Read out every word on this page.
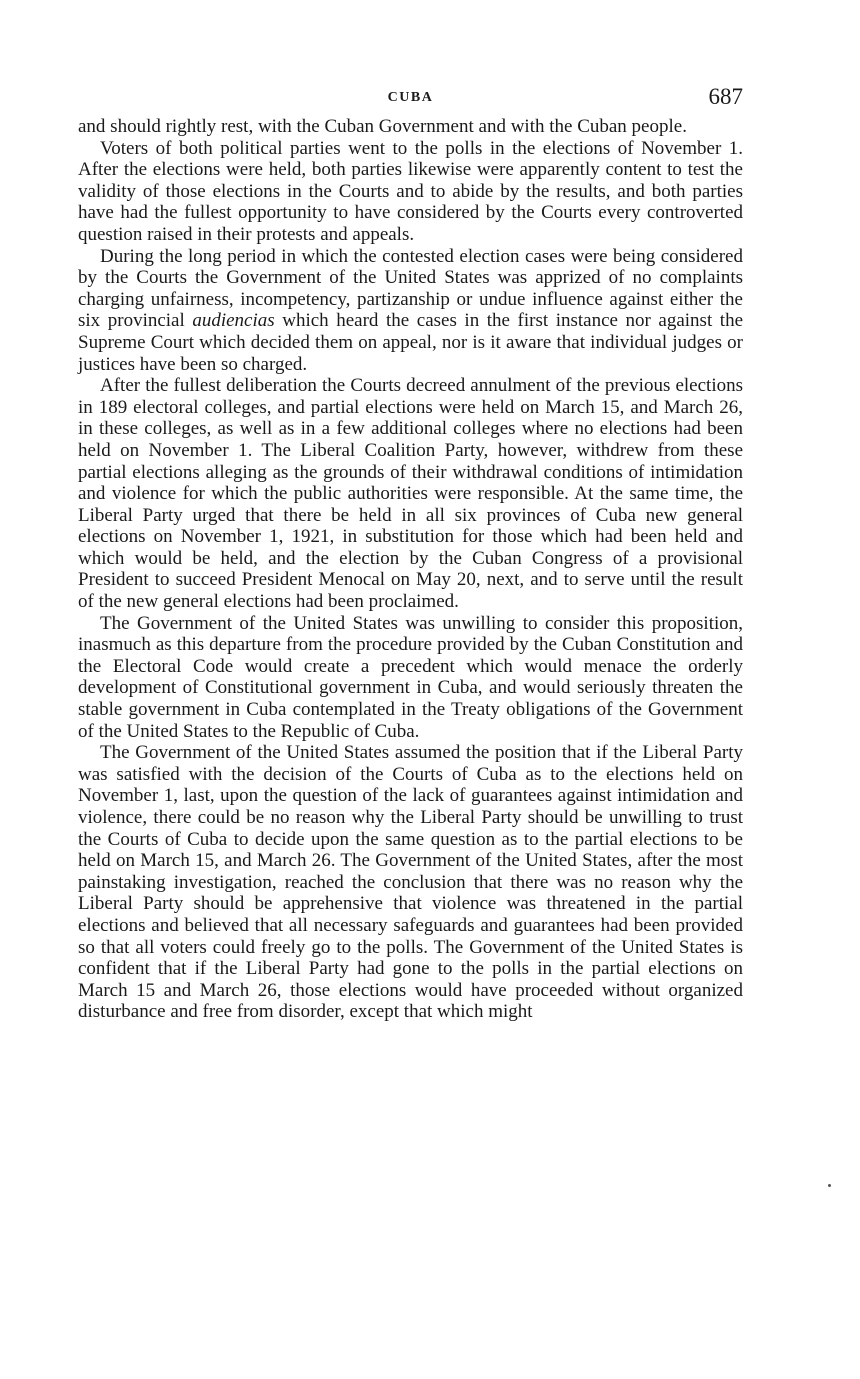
CUBA	687

and should rightly rest, with the Cuban Government and with the Cuban people.

Voters of both political parties went to the polls in the elections of November 1. After the elections were held, both parties likewise were apparently content to test the validity of those elections in the Courts and to abide by the results, and both parties have had the fullest opportunity to have considered by the Courts every controverted question raised in their protests and appeals.

During the long period in which the contested election cases were being considered by the Courts the Government of the United States was apprized of no complaints charging unfairness, incompetency, partizanship or undue influence against either the six provincial audiencias which heard the cases in the first instance nor against the Supreme Court which decided them on appeal, nor is it aware that individual judges or justices have been so charged.

After the fullest deliberation the Courts decreed annulment of the previous elections in 189 electoral colleges, and partial elections were held on March 15, and March 26, in these colleges, as well as in a few additional colleges where no elections had been held on November 1. The Liberal Coalition Party, however, withdrew from these partial elections alleging as the grounds of their withdrawal conditions of intimidation and violence for which the public authorities were responsible. At the same time, the Liberal Party urged that there be held in all six provinces of Cuba new general elections on November 1, 1921, in substitution for those which had been held and which would be held, and the election by the Cuban Congress of a provisional President to succeed President Menocal on May 20, next, and to serve until the result of the new general elections had been proclaimed.

The Government of the United States was unwilling to consider this proposition, inasmuch as this departure from the procedure provided by the Cuban Constitution and the Electoral Code would create a precedent which would menace the orderly development of Constitutional government in Cuba, and would seriously threaten the stable government in Cuba contemplated in the Treaty obligations of the Government of the United States to the Republic of Cuba.

The Government of the United States assumed the position that if the Liberal Party was satisfied with the decision of the Courts of Cuba as to the elections held on November 1, last, upon the question of the lack of guarantees against intimidation and violence, there could be no reason why the Liberal Party should be unwilling to trust the Courts of Cuba to decide upon the same question as to the partial elections to be held on March 15, and March 26. The Government of the United States, after the most painstaking investigation, reached the conclusion that there was no reason why the Liberal Party should be apprehensive that violence was threatened in the partial elections and believed that all necessary safeguards and guarantees had been provided so that all voters could freely go to the polls. The Government of the United States is confident that if the Liberal Party had gone to the polls in the partial elections on March 15 and March 26, those elections would have proceeded without organized disturbance and free from disorder, except that which might
